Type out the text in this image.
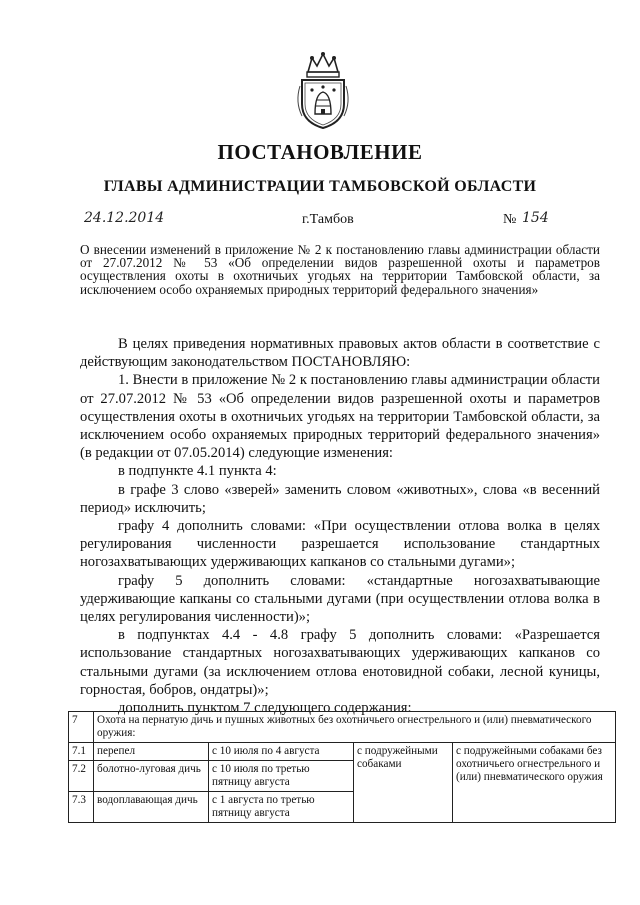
ПОСТАНОВЛЕНИЕ
ГЛАВЫ АДМИНИСТРАЦИИ ТАМБОВСКОЙ ОБЛАСТИ
24.12.2014	г.Тамбов	№ 154
О внесении изменений в приложение № 2 к постановлению главы администрации области от 27.07.2012 № 53 «Об определении видов разрешенной охоты и параметров осуществления охоты в охотничьих угодьях на территории Тамбовской области, за исключением особо охраняемых природных территорий федерального значения»

В целях приведения нормативных правовых актов области в соответствие с действующим законодательством ПОСТАНОВЛЯЮ:

1. Внести в приложение № 2 к постановлению главы администрации области от 27.07.2012 № 53 «Об определении видов разрешенной охоты и параметров осуществления охоты в охотничьих угодьях на территории Тамбовской области, за исключением особо охраняемых природных территорий федерального значения» (в редакции от 07.05.2014) следующие изменения:

в подпункте 4.1 пункта 4:

в графе 3 слово «зверей» заменить словом «животных», слова «в весенний период» исключить;

графу 4 дополнить словами: «При осуществлении отлова волка в целях регулирования численности разрешается использование стандартных ногозахватывающих удерживающих капканов со стальными дугами»;

графу 5 дополнить словами: «стандартные ногозахватывающие удерживающие капканы со стальными дугами (при осуществлении отлова волка в целях регулирования численности)»;

в подпунктах 4.4 - 4.8 графу 5 дополнить словами: «Разрешается использование стандартных ногозахватывающих удерживающих капканов со стальными дугами (за исключением отлова енотовидной собаки, лесной куницы, горностая, бобров, ондатры)»;

дополнить пунктом 7 следующего содержания:

7	Охота на пернатую дичь и пушных животных без охотничьего огнестрельного и (или) пневматического оружия:			
7.1	перепел	с 10 июля по 4 августа	с подружейными собаками	с подружейными собаками без охотничьего огнестрельного и (или) пневматического оружия
7.2	болотно-луговая дичь	с 10 июля по третью пятницу августа		
7.3	водоплавающая дичь	с 1 августа по третью пятницу августа		
